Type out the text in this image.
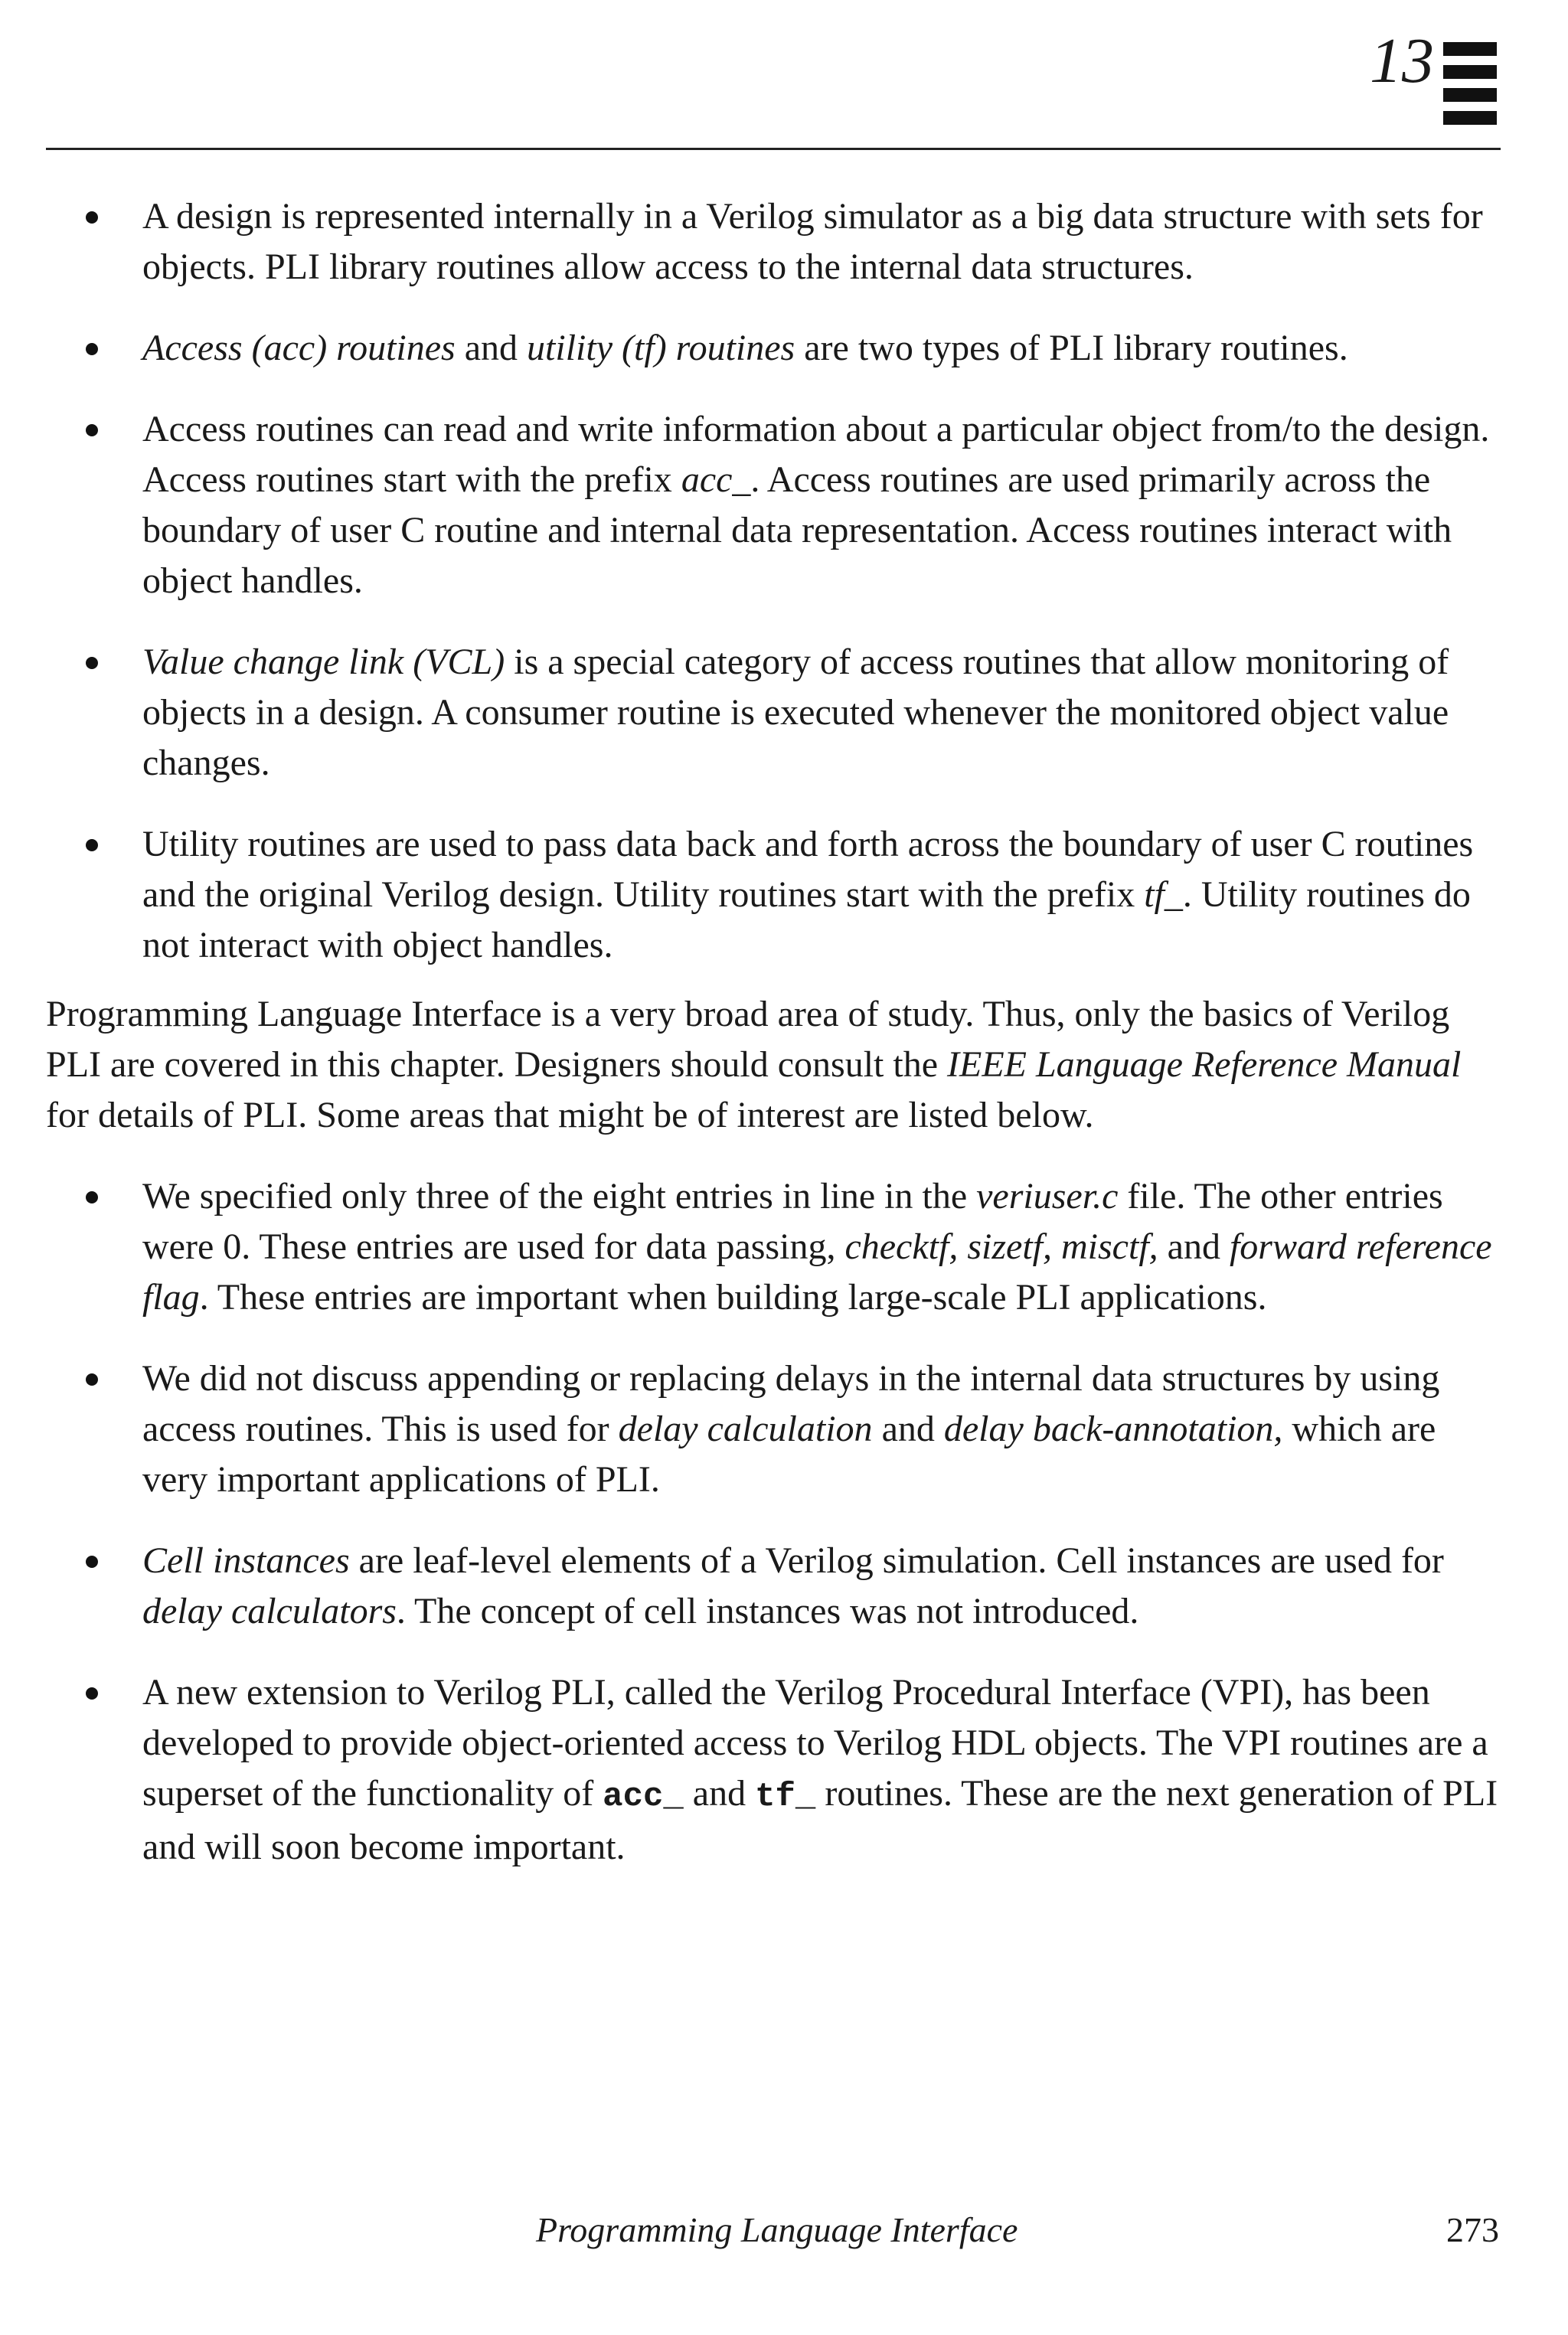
13
A design is represented internally in a Verilog simulator as a big data structure with sets for objects. PLI library routines allow access to the internal data structures.
Access (acc) routines and utility (tf) routines are two types of PLI library routines.
Access routines can read and write information about a particular object from/to the design. Access routines start with the prefix acc_. Access routines are used primarily across the boundary of user C routine and internal data representation. Access routines interact with object handles.
Value change link (VCL) is a special category of access routines that allow monitoring of objects in a design. A consumer routine is executed whenever the monitored object value changes.
Utility routines are used to pass data back and forth across the boundary of user C routines and the original Verilog design. Utility routines start with the prefix tf_. Utility routines do not interact with object handles.

Programming Language Interface is a very broad area of study. Thus, only the basics of Verilog PLI are covered in this chapter. Designers should consult the IEEE Language Reference Manual for details of PLI. Some areas that might be of interest are listed below.

We specified only three of the eight entries in line in the veriuser.c file. The other entries were 0. These entries are used for data passing, checktf, sizetf, misctf, and forward reference flag. These entries are important when building large-scale PLI applications.
We did not discuss appending or replacing delays in the internal data structures by using access routines. This is used for delay calculation and delay back-annotation, which are very important applications of PLI.
Cell instances are leaf-level elements of a Verilog simulation. Cell instances are used for delay calculators. The concept of cell instances was not introduced.
A new extension to Verilog PLI, called the Verilog Procedural Interface (VPI), has been developed to provide object-oriented access to Verilog HDL objects. The VPI routines are a superset of the functionality of acc_ and tf_ routines. These are the next generation of PLI and will soon become important.
Programming Language Interface	273
